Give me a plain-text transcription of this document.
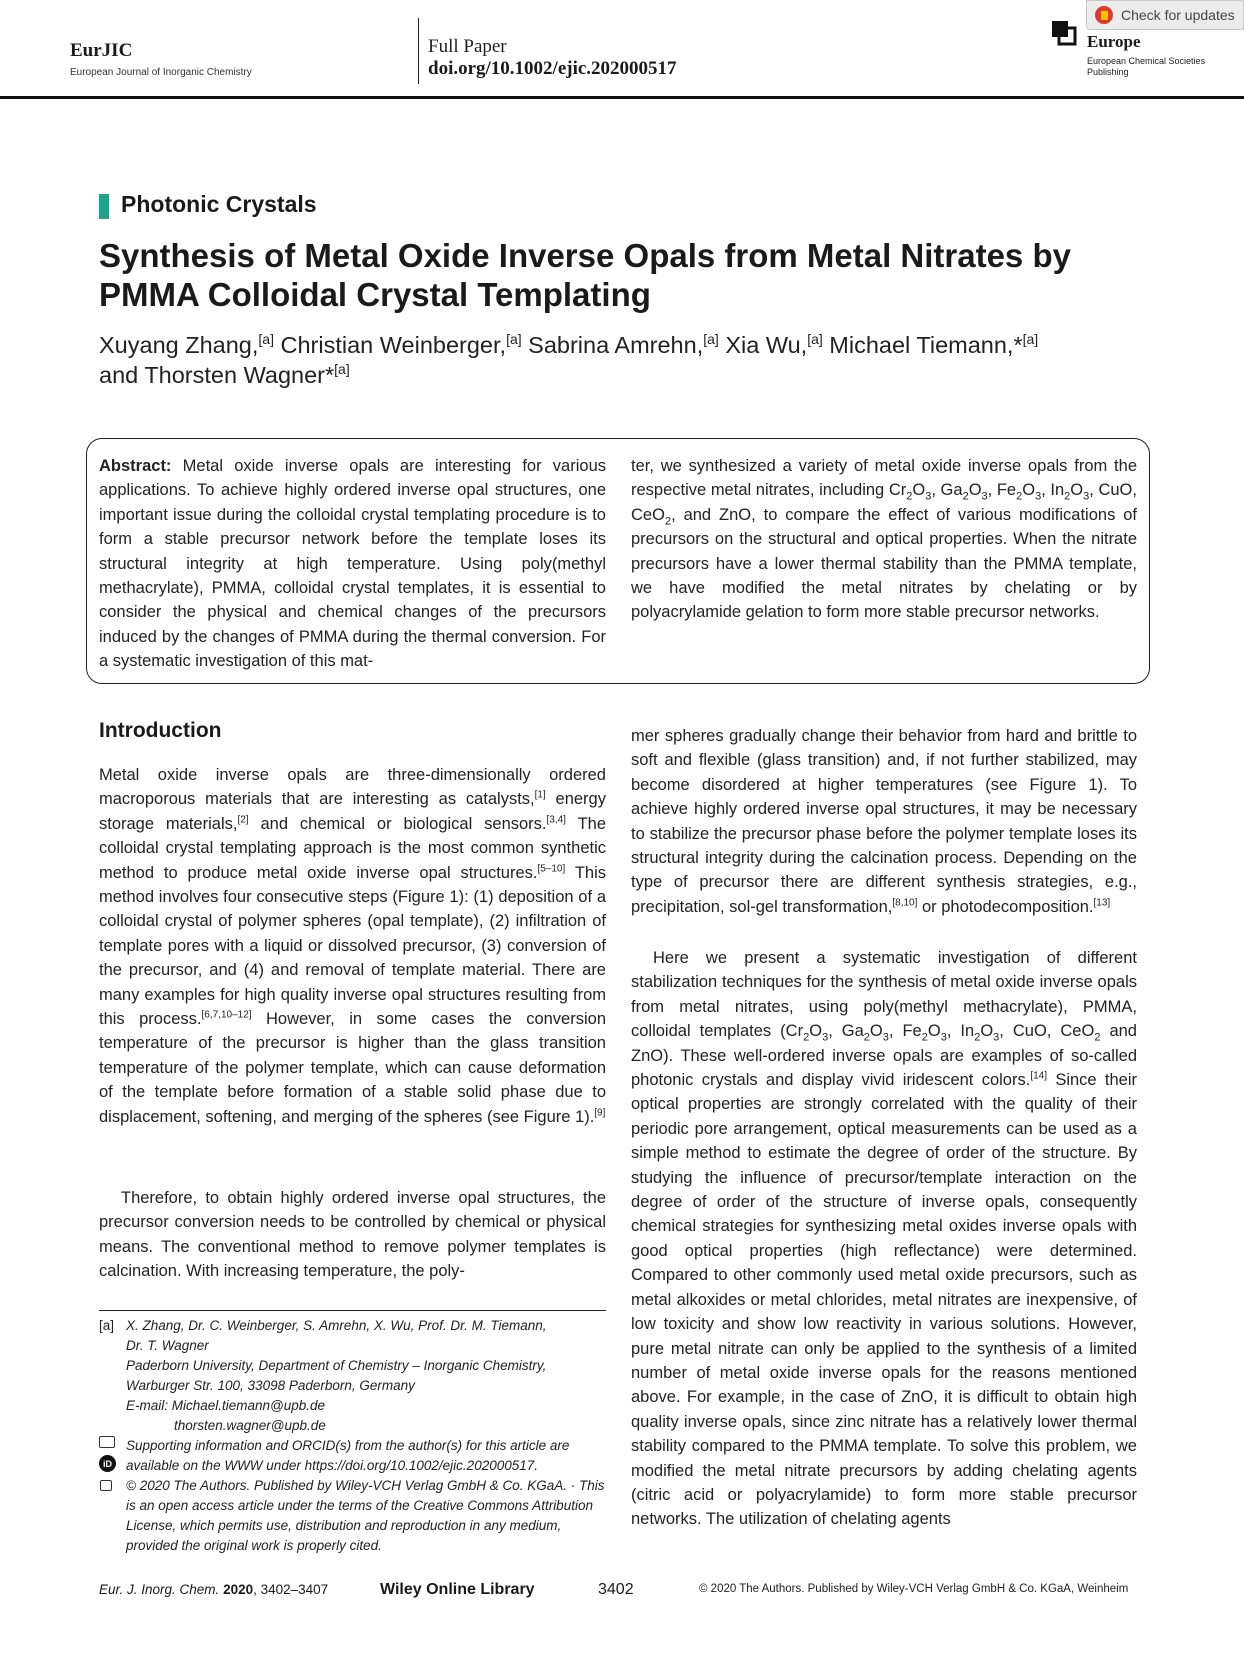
EurJIC
European Journal of Inorganic Chemistry
Full Paper
doi.org/10.1002/ejic.202000517
Europe
European Chemical Societies Publishing
Check for updates
Photonic Crystals
Synthesis of Metal Oxide Inverse Opals from Metal Nitrates by PMMA Colloidal Crystal Templating
Xuyang Zhang,[a] Christian Weinberger,[a] Sabrina Amrehn,[a] Xia Wu,[a] Michael Tiemann,*[a]
and Thorsten Wagner*[a]
Abstract: Metal oxide inverse opals are interesting for various applications. To achieve highly ordered inverse opal structures, one important issue during the colloidal crystal templating procedure is to form a stable precursor network before the template loses its structural integrity at high temperature. Using poly(methyl methacrylate), PMMA, colloidal crystal templates, it is essential to consider the physical and chemical changes of the precursors induced by the changes of PMMA during the thermal conversion. For a systematic investigation of this mat-
ter, we synthesized a variety of metal oxide inverse opals from the respective metal nitrates, including $Cr_2O_3$, $Ga_2O_3$, $Fe_2O_3$, $In_2O_3$, CuO, CeO$_2$, and ZnO, to compare the effect of various modifications of precursors on the structural and optical properties. When the nitrate precursors have a lower thermal stability than the PMMA template, we have modified the metal nitrates by chelating or by polyacrylamide gelation to form more stable precursor networks.
Introduction
Metal oxide inverse opals are three-dimensionally ordered macroporous materials that are interesting as catalysts,[1] energy storage materials,[2] and chemical or biological sensors.[3,4] The colloidal crystal templating approach is the most common synthetic method to produce metal oxide inverse opal structures.[5–10] This method involves four consecutive steps (Figure 1): (1) deposition of a colloidal crystal of polymer spheres (opal template), (2) infiltration of template pores with a liquid or dissolved precursor, (3) conversion of the precursor, and (4) and removal of template material. There are many examples for high quality inverse opal structures resulting from this process.[6,7,10–12] However, in some cases the conversion temperature of the precursor is higher than the glass transition temperature of the polymer template, which can cause deformation of the template before formation of a stable solid phase due to displacement, softening, and merging of the spheres (see Figure 1).[9]
Therefore, to obtain highly ordered inverse opal structures, the precursor conversion needs to be controlled by chemical or physical means. The conventional method to remove polymer templates is calcination. With increasing temperature, the poly-
mer spheres gradually change their behavior from hard and brittle to soft and flexible (glass transition) and, if not further stabilized, may become disordered at higher temperatures (see Figure 1). To achieve highly ordered inverse opal structures, it may be necessary to stabilize the precursor phase before the polymer template loses its structural integrity during the calcination process. Depending on the type of precursor there are different synthesis strategies, e.g., precipitation, sol-gel transformation,[8,10] or photodecomposition.[13]
Here we present a systematic investigation of different stabilization techniques for the synthesis of metal oxide inverse opals from metal nitrates, using poly(methyl methacrylate), PMMA, colloidal templates ($Cr_2O_3$, $Ga_2O_3$, $Fe_2O_3$, $In_2O_3$, CuO, CeO$_2$ and ZnO). These well-ordered inverse opals are examples of so-called photonic crystals and display vivid iridescent colors.[14] Since their optical properties are strongly correlated with the quality of their periodic pore arrangement, optical measurements can be used as a simple method to estimate the degree of order of the structure. By studying the influence of precursor/template interaction on the degree of order of the structure of inverse opals, consequently chemical strategies for synthesizing metal oxides inverse opals with good optical properties (high reflectance) were determined. Compared to other commonly used metal oxide precursors, such as metal alkoxides or metal chlorides, metal nitrates are inexpensive, of low toxicity and show low reactivity in various solutions. However, pure metal nitrate can only be applied to the synthesis of a limited number of metal oxide inverse opals for the reasons mentioned above. For example, in the case of ZnO, it is difficult to obtain high quality inverse opals, since zinc nitrate has a relatively lower thermal stability compared to the PMMA template. To solve this problem, we modified the metal nitrate precursors by adding chelating agents (citric acid or polyacrylamide) to form more stable precursor networks. The utilization of chelating agents
[a] X. Zhang, Dr. C. Weinberger, S. Amrehn, X. Wu, Prof. Dr. M. Tiemann,
Dr. T. Wagner
Paderborn University, Department of Chemistry – Inorganic Chemistry,
Warburger Str. 100, 33098 Paderborn, Germany
E-mail: Michael.tiemann@upb.de
thorsten.wagner@upb.de
iD
Supporting information and ORCID(s) from the author(s) for this article are available on the WWW under https://doi.org/10.1002/ejic.202000517.
© 2020 The Authors. Published by Wiley-VCH Verlag GmbH & Co. KGaA. · This is an open access article under the terms of the Creative Commons Attribution License, which permits use, distribution and reproduction in any medium, provided the original work is properly cited.
Eur. J. Inorg. Chem. 2020, 3402–3407	Wiley Online Library	3402	© 2020 The Authors. Published by Wiley-VCH Verlag GmbH & Co. KGaA, Weinheim
